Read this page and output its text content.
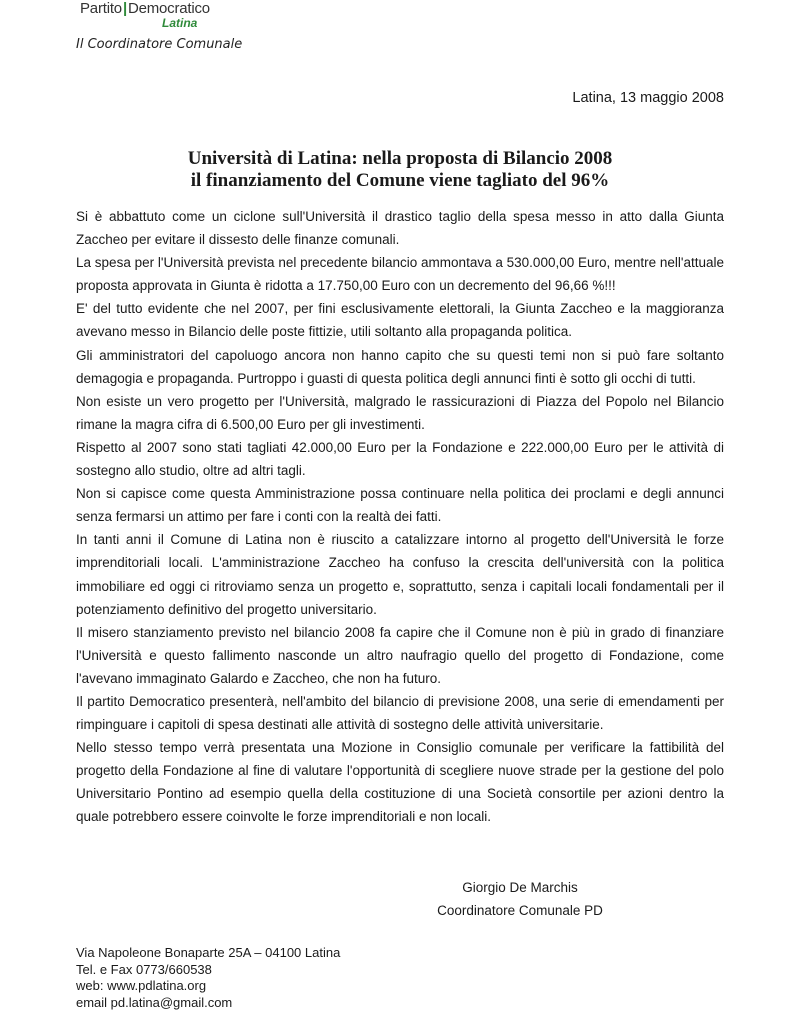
Partito|Democratico
Latina
Il Coordinatore Comunale
Latina, 13 maggio 2008
Università di Latina: nella proposta di Bilancio 2008
il finanziamento del Comune viene tagliato del 96%

Si è abbattuto come un ciclone sull'Università il drastico taglio della spesa messo in atto dalla Giunta Zaccheo per evitare il dissesto delle finanze comunali.

La spesa per l'Università prevista nel precedente bilancio ammontava a 530.000,00 Euro, mentre nell'attuale proposta approvata in Giunta è ridotta a 17.750,00 Euro con un decremento del 96,66 %!!!

E' del tutto evidente che nel 2007, per fini esclusivamente elettorali, la Giunta Zaccheo e la maggioranza avevano messo in Bilancio delle poste fittizie, utili soltanto alla propaganda politica.

Gli amministratori del capoluogo ancora non hanno capito che su questi temi non si può fare soltanto demagogia e propaganda. Purtroppo i guasti di questa politica degli annunci finti è sotto gli occhi di tutti.

Non esiste un vero progetto per l'Università, malgrado le rassicurazioni di Piazza del Popolo nel Bilancio rimane la magra cifra di 6.500,00 Euro per gli investimenti.

Rispetto al 2007 sono stati tagliati 42.000,00 Euro per la Fondazione e 222.000,00 Euro per le attività di sostegno allo studio, oltre ad altri tagli.

Non si capisce come questa Amministrazione possa continuare nella politica dei proclami e degli annunci senza fermarsi un attimo per fare i conti con la realtà dei fatti.

In tanti anni il Comune di Latina non è riuscito a catalizzare intorno al progetto dell'Università le forze imprenditoriali locali. L'amministrazione Zaccheo ha confuso la crescita dell'università con la politica immobiliare ed oggi ci ritroviamo senza un progetto e, soprattutto, senza i capitali locali fondamentali per il potenziamento definitivo del progetto universitario.

Il misero stanziamento previsto nel bilancio 2008 fa capire che il Comune non è più in grado di finanziare l'Università e questo fallimento nasconde un altro naufragio quello del progetto di Fondazione, come l'avevano immaginato Galardo e Zaccheo, che non ha futuro.

Il partito Democratico presenterà, nell'ambito del bilancio di previsione 2008, una serie di emendamenti per rimpinguare i capitoli di spesa destinati alle attività di sostegno delle attività universitarie.

Nello stesso tempo verrà presentata una Mozione in Consiglio comunale per verificare la fattibilità del progetto della Fondazione al fine di valutare l'opportunità di scegliere nuove strade per la gestione del polo Universitario Pontino ad esempio quella della costituzione di una Società consortile per azioni dentro la quale potrebbero essere coinvolte le forze imprenditoriali e non locali.

Giorgio De Marchis
Coordinatore Comunale PD
Via Napoleone Bonaparte 25A – 04100 Latina
Tel. e Fax 0773/660538
web: www.pdlatina.org
email pd.latina@gmail.com
